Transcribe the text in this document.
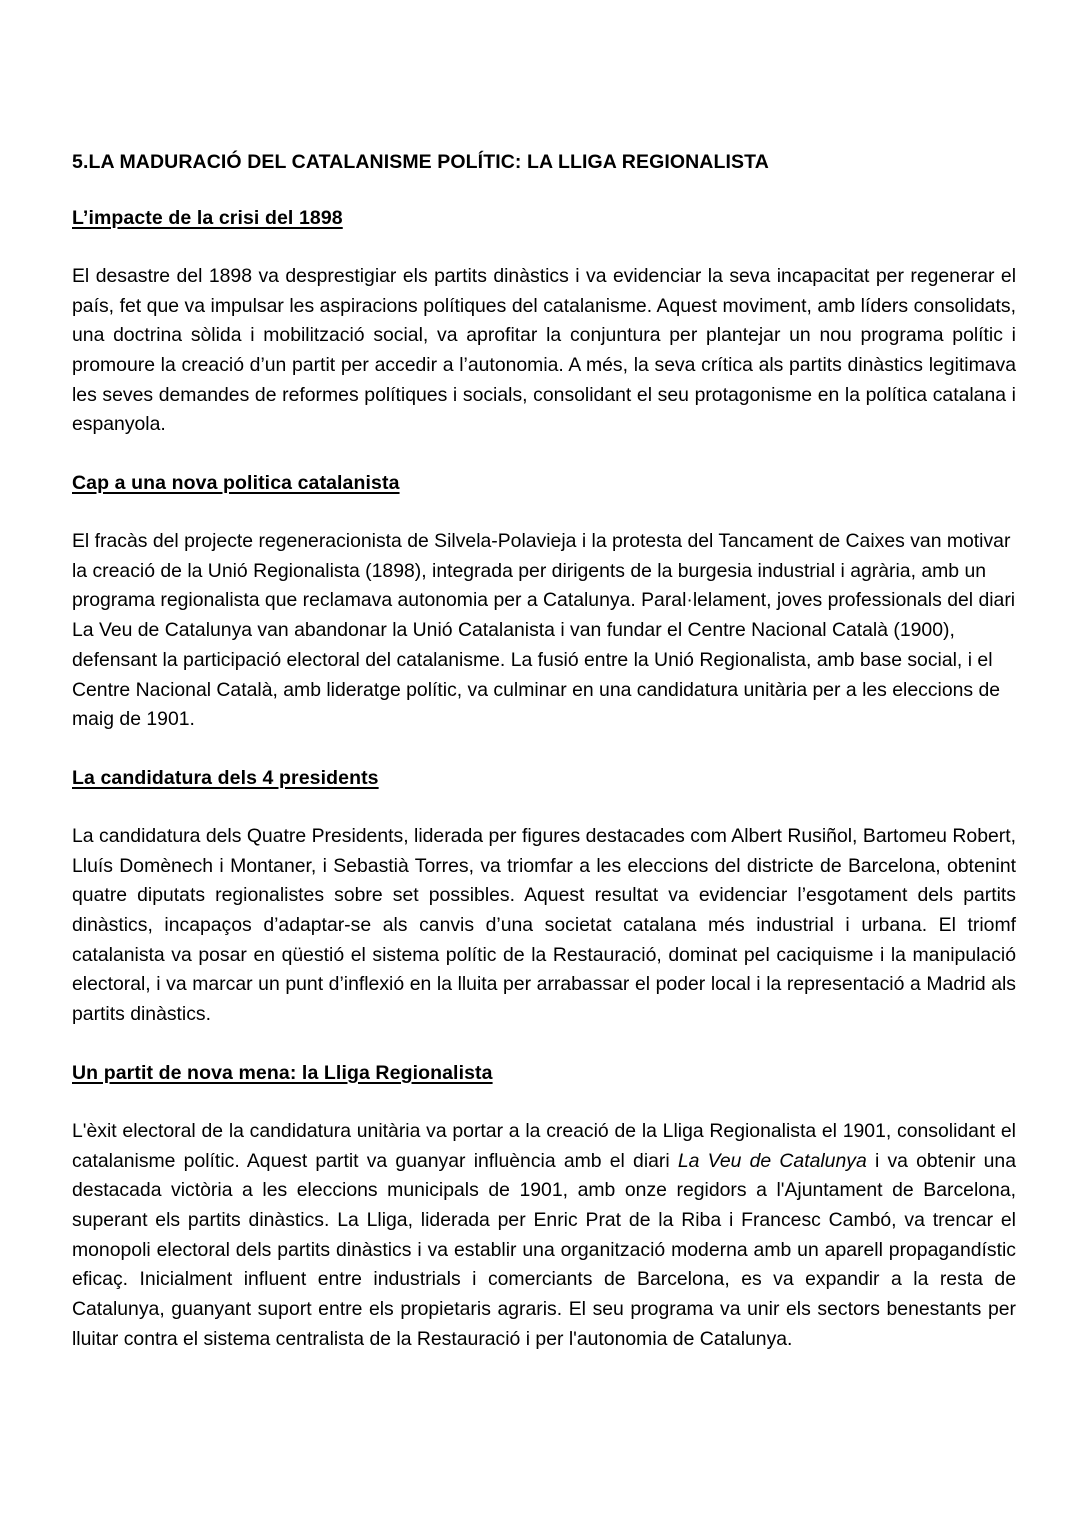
5.LA MADURACIÓ DEL CATALANISME POLÍTIC: LA LLIGA REGIONALISTA
L’impacte de la crisi del 1898

El desastre del 1898 va desprestigiar els partits dinàstics i va evidenciar la seva incapacitat per regenerar el país, fet que va impulsar les aspiracions polítiques del catalanisme. Aquest moviment, amb líders consolidats, una doctrina sòlida i mobilització social, va aprofitar la conjuntura per plantejar un nou programa polític i promoure la creació d’un partit per accedir a l’autonomia. A més, la seva crítica als partits dinàstics legitimava les seves demandes de reformes polítiques i socials, consolidant el seu protagonisme en la política catalana i espanyola.

Cap a una nova politica catalanista

El fracàs del projecte regeneracionista de Silvela-Polavieja i la protesta del Tancament de Caixes van motivar la creació de la Unió Regionalista (1898), integrada per dirigents de la burgesia industrial i agrària, amb un programa regionalista que reclamava autonomia per a Catalunya. Paral·lelament, joves professionals del diari La Veu de Catalunya van abandonar la Unió Catalanista i van fundar el Centre Nacional Català (1900), defensant la participació electoral del catalanisme. La fusió entre la Unió Regionalista, amb base social, i el Centre Nacional Català, amb lideratge polític, va culminar en una candidatura unitària per a les eleccions de maig de 1901.

La candidatura dels 4 presidents

La candidatura dels Quatre Presidents, liderada per figures destacades com Albert Rusiñol, Bartomeu Robert, Lluís Domènech i Montaner, i Sebastià Torres, va triomfar a les eleccions del districte de Barcelona, obtenint quatre diputats regionalistes sobre set possibles. Aquest resultat va evidenciar l’esgotament dels partits dinàstics, incapaços d’adaptar-se als canvis d’una societat catalana més industrial i urbana. El triomf catalanista va posar en qüestió el sistema polític de la Restauració, dominat pel caciquisme i la manipulació electoral, i va marcar un punt d’inflexió en la lluita per arrabassar el poder local i la representació a Madrid als partits dinàstics.

Un partit de nova mena: la Lliga Regionalista

L'èxit electoral de la candidatura unitària va portar a la creació de la Lliga Regionalista el 1901, consolidant el catalanisme polític. Aquest partit va guanyar influència amb el diari La Veu de Catalunya i va obtenir una destacada victòria a les eleccions municipals de 1901, amb onze regidors a l'Ajuntament de Barcelona, superant els partits dinàstics. La Lliga, liderada per Enric Prat de la Riba i Francesc Cambó, va trencar el monopoli electoral dels partits dinàstics i va establir una organització moderna amb un aparell propagandístic eficaç. Inicialment influent entre industrials i comerciants de Barcelona, es va expandir a la resta de Catalunya, guanyant suport entre els propietaris agraris. El seu programa va unir els sectors benestants per lluitar contra el sistema centralista de la Restauració i per l'autonomia de Catalunya.
